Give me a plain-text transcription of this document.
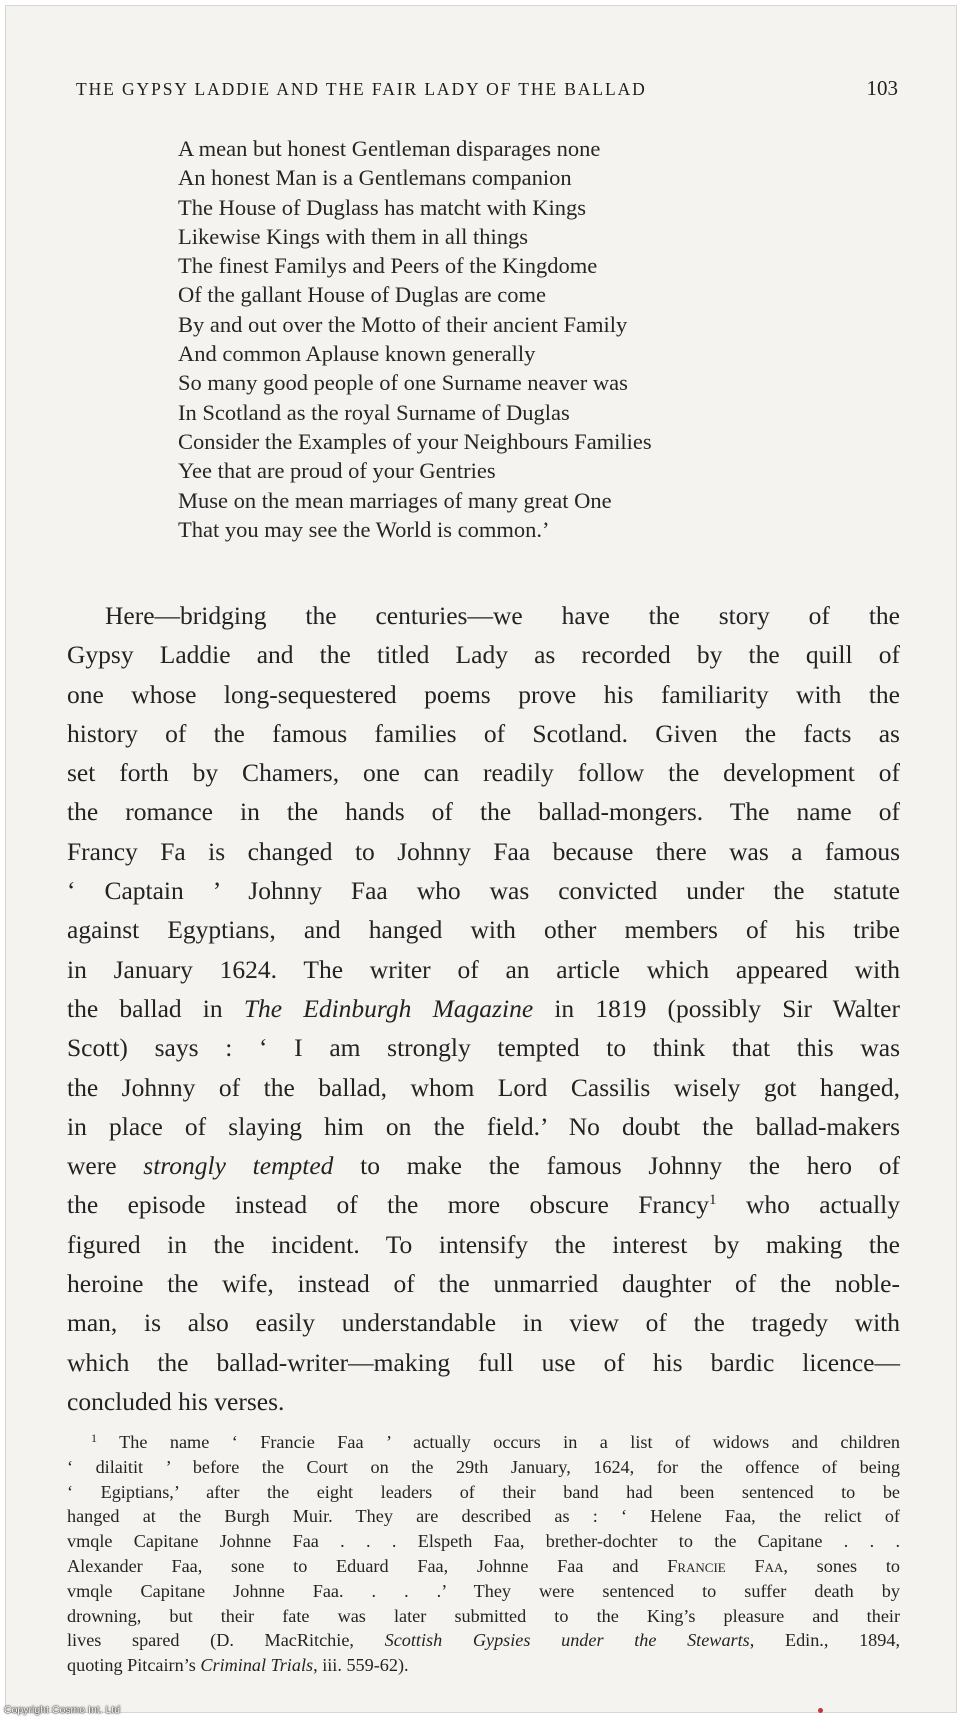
THE GYPSY LADDIE AND THE FAIR LADY OF THE BALLAD	103
A mean but honest Gentleman disparages none
An honest Man is a Gentlemans companion
The House of Duglass has matcht with Kings
Likewise Kings with them in all things
The finest Familys and Peers of the Kingdome
Of the gallant House of Duglas are come
By and out over the Motto of their ancient Family
And common Aplause known generally
So many good people of one Surname neaver was
In Scotland as the royal Surname of Duglas
Consider the Examples of your Neighbours Families
Yee that are proud of your Gentries
Muse on the mean marriages of many great One
That you may see the World is common.’
Here—bridging the centuries—we have the story of the
Gypsy Laddie and the titled Lady as recorded by the quill of
one whose long-sequestered poems prove his familiarity with the
history of the famous families of Scotland. Given the facts as
set forth by Chamers, one can readily follow the development of
the romance in the hands of the ballad-mongers. The name of
Francy Fa is changed to Johnny Faa because there was a famous
‘ Captain ’ Johnny Faa who was convicted under the statute
against Egyptians, and hanged with other members of his tribe
in January 1624. The writer of an article which appeared with
the ballad in The Edinburgh Magazine in 1819 (possibly Sir Walter
Scott) says : ‘ I am strongly tempted to think that this was
the Johnny of the ballad, whom Lord Cassilis wisely got hanged,
in place of slaying him on the field.’ No doubt the ballad-makers
were strongly tempted to make the famous Johnny the hero of
the episode instead of the more obscure Francy$^1$ who actually
figured in the incident. To intensify the interest by making the
heroine the wife, instead of the unmarried daughter of the noble-
man, is also easily understandable in view of the tragedy with
which the ballad-writer—making full use of his bardic licence—
concluded his verses.
$^1$ The name ‘ Francie Faa ’ actually occurs in a list of widows and children
‘ dilaitit ’ before the Court on the 29th January, 1624, for the offence of being
‘ Egiptians,’ after the eight leaders of their band had been sentenced to be
hanged at the Burgh Muir. They are described as : ‘ Helene Faa, the relict of
vmqle Capitane Johnne Faa . . . Elspeth Faa, brether-dochter to the Capitane . . .
Alexander Faa, sone to Eduard Faa, Johnne Faa and Francie Faa, sones to
vmqle Capitane Johnne Faa. . . .’ They were sentenced to suffer death by
drowning, but their fate was later submitted to the King’s pleasure and their
lives spared (D. MacRitchie, Scottish Gypsies under the Stewarts, Edin., 1894,
quoting Pitcairn’s Criminal Trials, iii. 559-62).
Copyright Cosmo Int. Ltd
